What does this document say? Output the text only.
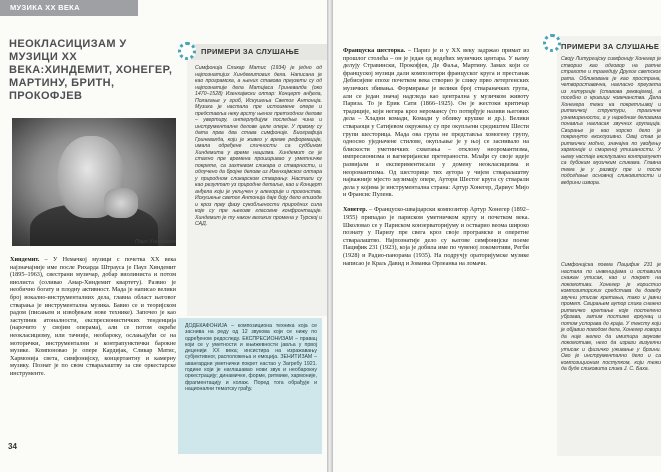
МУЗИКА XX ВЕКА
НЕОКЛАСИЦИЗАМ У МУЗИЦИ XX ВЕКА:ХИНДЕМИТ, ХОНЕГЕР, МАРТИНУ, БРИТН, ПРОКОФЈЕВ
Паул Хиндемит
Хиндемит. – У Немачкој музици с почетка XX века најзначајније име после Рихарда Штрауса је Паул Хиндемит (1895–1963), свестрани музичар, добар виолиниста и потом виолиста (соливао Амар-Хиндемит квартету). Развио је необично богату и плодну активност. Мада је написао велики број вокално-инструменталних дела, главна област његовог стварања је инструментална музика. Бавио се и теоријском радом (писањем и извођењем нове технике). Започео је као заступник атоналности, експресионистичких тенденција (нарочито у својим операма), али се потом окреће неокласицизму, или тачније, необароку, ослањајући се на моторички, инструментални и контрапунктички барокне музике. Компоновао је опере Кардијак, Сликар Матис, Хармонија света, симфонијску, концертантну и камерну музику. Познат је по свом стваралаштву за све оркестарске инструменте.
34
ПРИМЕРИ ЗА СЛУШАЊЕ
Симфонија Сликар Матис (1934) је једно од најпознатијих Хиндемитових дела. Написана је као програмска, а њених ставова преузети су од најпознатије дела Матијаса Гриневалда (око 1470–1528) Изенхајмски олтар: Концерт анђела, Полагање у гроб, Искушења Светог Антонија. Музика је настала пре истоимене опере и представља неку врсту њеног претходног делове – увертиру, интерлудијум последње чина и инструменталне делове целе опере. У првому су дата прва два става симфоније. Биографија Гриневалда, који је живео у време реформације, имала одређене сличности са судбином Хиндемита у време нацизма. Хиндемит се је стално пре времена проширивао у уметничке покрете, са захтевом сликара о стварности, и одлучено да бројне делове из Изенхајмског олтара у природном сликарском стварању. Настали су као резултат уз природне детаље, као и Концерт анђела који је укључен у алегорије и прогонства. Искушење светог Антонија даје боју дело епизоде и кроз прву фазу сукобљености природних сила које су пре његове гласовне конфронтације. Хиндемит је ту након великих промена у Турској и САД.
ДОДЕКАФОНИЈА – композициона техника која се заснива на реду од 12 звукова који се нижу по одређеном редоследу. ЕКСПРЕСИОНИЗАМ – правац који се у уметности и књижевности јавља у првој деценији XX века; инсистира на изражавању субјективног, расположења и емоција. ЗЕНИТИЗАМ – авангардни уметнички покрет настао у Загребу 1921. године који је наглашавао нови звук и необарокну оркестрацију; динамичке, форме, ритмике, хармоније, фрагментацију и колаж. Поред тога обрађује и национални тематску грађу.
Француска шесторка. – Париз је и у XX веку задржао примат из прошлог столећа – он је један од водећих музичких центара. У њему делују Стравински, Прокофјев, Де Фаља, Мартину. Замах који се француској музици дали композитори француског круга и престанак Дебисијеве епохе почетком века створио је слику прво летергенских музичких збивања. Формирање је велики број ствараначких група, али се један значај надгледа као централна у музичком животу Париза. То је Ерик Сати (1866–1925). Он је жестоки критичар традиције, који негира кроз неромансу (то потврђује називи његових дела – Хладни комади, Комади у облику крушке и др.). Велики ствараоци у Сатијевом окружењу су пре окупљени средиштем Шести групи шесторица. Мада ова група не представља хомогену групу, односно уједначене стилове, окупљање је у њој се заснивало на блискости уметничких схватања – отклону неоромантизма, импресионизма и вагнеријанске претераности. Млађи су своје идеје развијали и експериментисали у домену неокласицизма и неоромантизма. Од шесторице тих аутора у чијем стваралаштву најважније мјесто заузимају опере, Аутори Шестог круга су стварали дела у којима је инструментална страна: Артур Хонегер, Дариус Мијо и Франсис Пуленк.

Хонегер. – Француско-швајцарски композитор Артур Хонегер (1892–1955) припадао је париском уметничком кругу и почетком века. Школовао се у Париском конзерваторијуму и остварио веома широко познату у Паризу пре свега кроз своје програмске и оперетне стваралаштво. Најпознатије дело су његове симфонијске поеме Пацифик 231 (1923), која је добила име по чувеној локомотиви, Регби (1928) и Радио-панорама (1935). На подручју ораторијумске музике написао је Краљ Давид и Јованка Орлеанка на ломачи.
ПРИМЕРИ ЗА СЛУШАЊЕ
Своју Литургијску симфонију Хонегер је створио као одговор на ратне страхоте и трагедију Другог светског рата. Обликована је као пространа, четвороставачна, нагласно преузета из литургије (ставова реквијема), а посебно о кривици човечанства. Дела Хонегера тежи ка покретљивој и ритмичкој структури, трагичне узнемирености, а у наредним деловима понавља нагласак звучних групација. Свирање је као хорско дело је покренуто ексклузивно. Овај став је ритмички моћно, значајна по увођењу хармоније и смиреној утишаности. У њему настаје ексклузивни контрапункт са дубоким музичким сликама. Главна тема је у развоју пре и после подсећање основној сликовитости и ведрини извора.
Симфонијска поема Пацифик 231 је настала по инвенцијама и оставила снажан утисак, као и покрет на локомотиви. Хонегер је користио композиторских средстава да доведу звучни утисак кретања, тако и јавни промет. Свирањем аутор слика снажно ритмичко кретање које постепено убрзава, затим постиже врхунац и потом успорава до краја. У тексту који је објавио поводом дела, Хонегер говори да није желео да имитира звукове локомотиве, него да изрази визуелни утисак и физичко уживање у брзини. Ово је инструментално дело и са композиционим поступком, који тежи да буде сликовита слика J. С. Баха.
